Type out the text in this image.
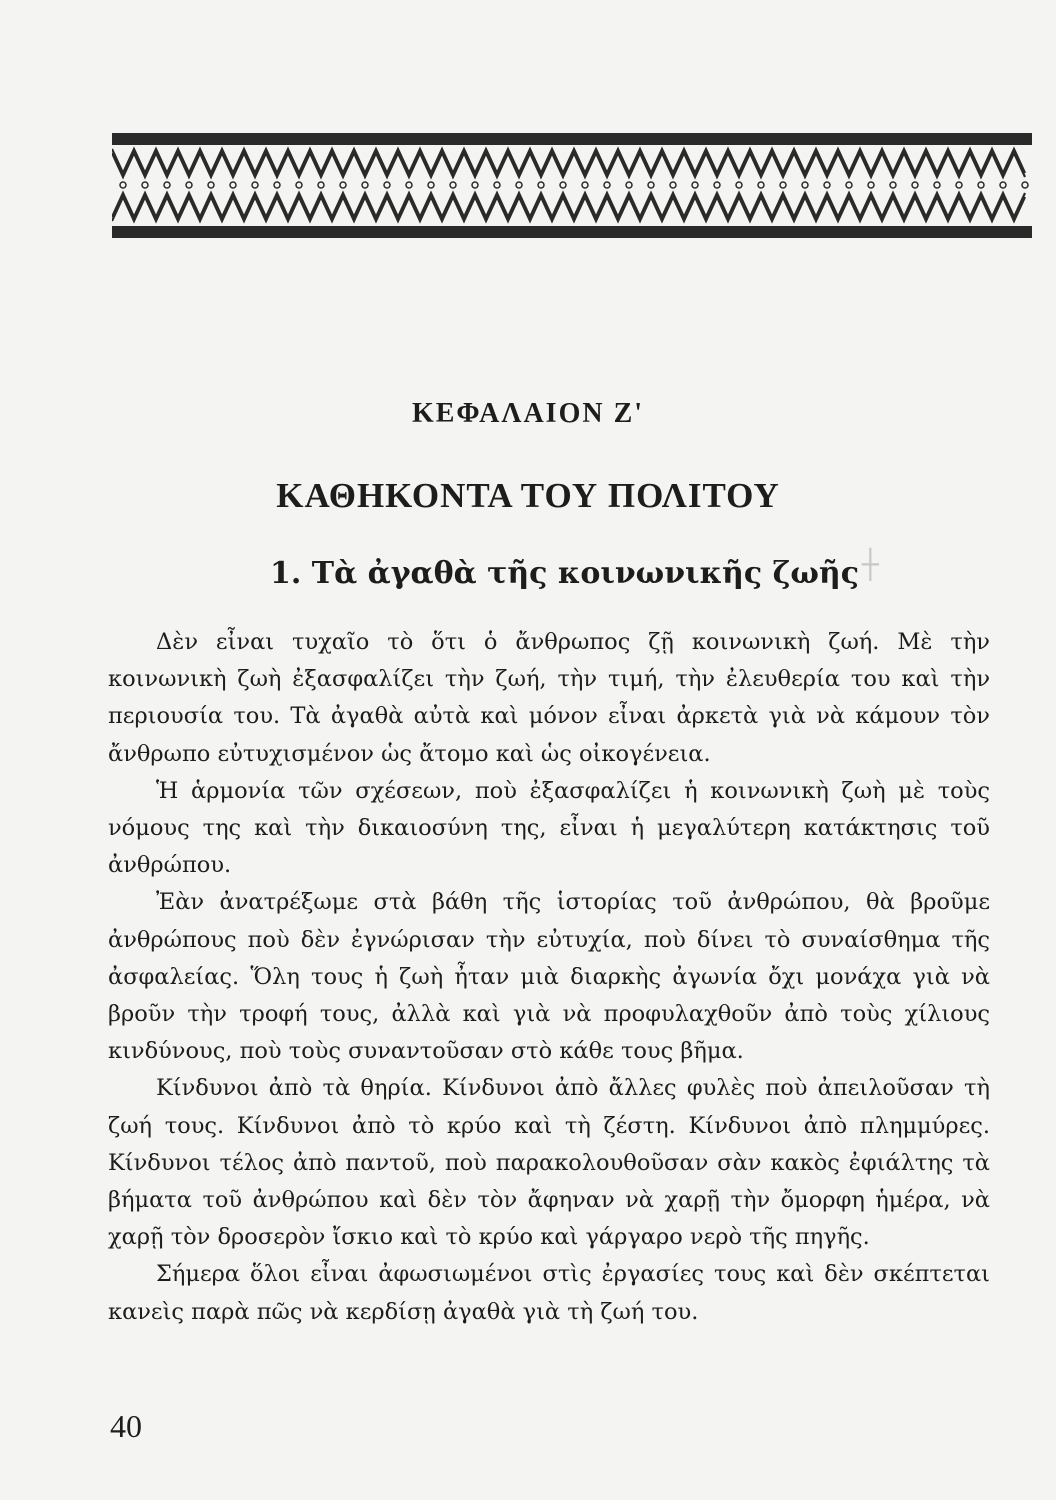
ΚΕΦΑΛΑΙΟΝ Ζ'
ΚΑΘΗΚΟΝΤΑ ΤΟΥ ΠΟΛΙΤΟΥ
1. Τὰ ἀγαθὰ τῆς κοινωνικῆς ζωῆς ┼

Δὲν εἶναι τυχαῖο τὸ ὅτι ὁ ἄνθρωπος ζῇ κοινωνικὴ ζωή. Μὲ τὴν κοινωνικὴ ζωὴ ἐξασφαλίζει τὴν ζωή, τὴν τιμή, τὴν ἐλευθερία του καὶ τὴν περιουσία του. Τὰ ἀγαθὰ αὐτὰ καὶ μόνον εἶναι ἀρκετὰ γιὰ νὰ κάμουν τὸν ἄνθρωπο εὐτυχισμένον ὡς ἄτομο καὶ ὡς οἰκογένεια.

Ἡ ἁρμονία τῶν σχέσεων, ποὺ ἐξασφαλίζει ἡ κοινωνικὴ ζωὴ μὲ τοὺς νόμους της καὶ τὴν δικαιοσύνη της, εἶναι ἡ μεγαλύτερη κατάκτησις τοῦ ἀνθρώπου.

Ἐὰν ἀνατρέξωμε στὰ βάθη τῆς ἱστορίας τοῦ ἀνθρώπου, θὰ βροῦμε ἀνθρώπους ποὺ δὲν ἐγνώρισαν τὴν εὐτυχία, ποὺ δίνει τὸ συναίσθημα τῆς ἀσφαλείας. Ὅλη τους ἡ ζωὴ ἦταν μιὰ διαρκὴς ἀγωνία ὄχι μονάχα γιὰ νὰ βροῦν τὴν τροφή τους, ἀλλὰ καὶ γιὰ νὰ προφυλαχθοῦν ἀπὸ τοὺς χίλιους κινδύνους, ποὺ τοὺς συναντοῦσαν στὸ κάθε τους βῆμα.

Κίνδυνοι ἀπὸ τὰ θηρία. Κίνδυνοι ἀπὸ ἄλλες φυλὲς ποὺ ἀπειλοῦσαν τὴ ζωή τους. Κίνδυνοι ἀπὸ τὸ κρύο καὶ τὴ ζέστη. Κίνδυνοι ἀπὸ πλημμύρες. Κίνδυνοι τέλος ἀπὸ παντοῦ, ποὺ παρακολουθοῦσαν σὰν κακὸς ἐφιάλτης τὰ βήματα τοῦ ἀνθρώπου καὶ δὲν τὸν ἄφηναν νὰ χαρῇ τὴν ὄμορφη ἡμέρα, νὰ χαρῇ τὸν δροσερὸν ἴσκιο καὶ τὸ κρύο καὶ γάργαρο νερὸ τῆς πηγῆς.

Σήμερα ὅλοι εἶναι ἀφωσιωμένοι στὶς ἐργασίες τους καὶ δὲν σκέπτεται κανεὶς παρὰ πῶς νὰ κερδίσῃ ἀγαθὰ γιὰ τὴ ζωή του.

40
